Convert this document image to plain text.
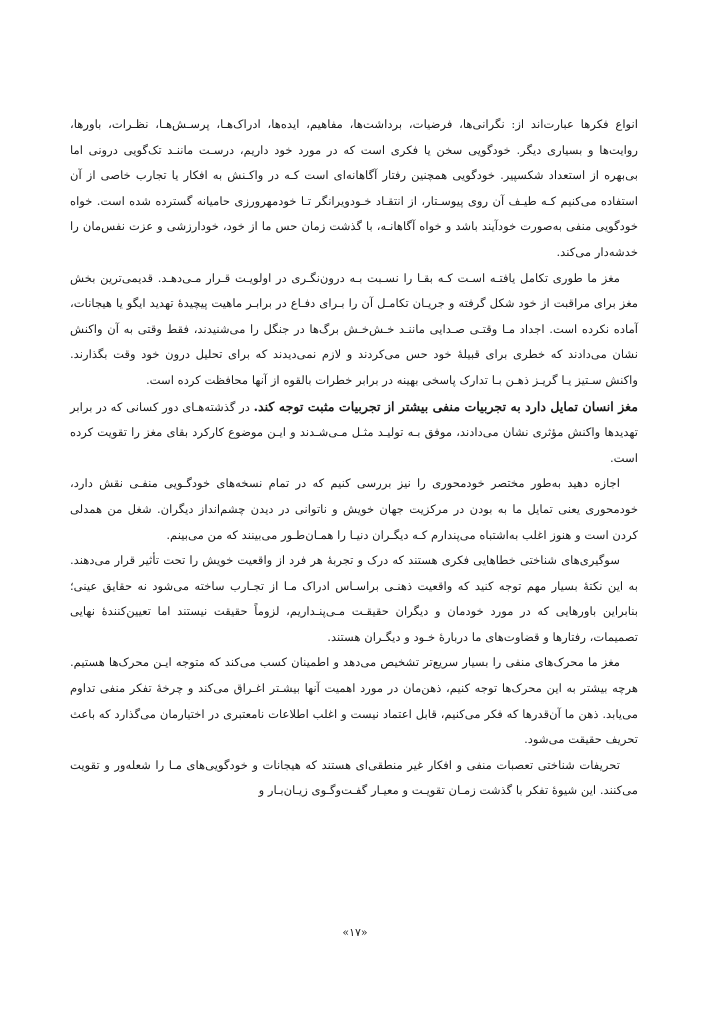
انواع فکرها عبارت‌اند از: نگرانی‌ها، فرضیات، برداشت‌ها، مفاهیم، ایده‌ها، ادراک‌هـا، پرسـش‌هـا، نظـرات، باورها، روایت‌ها و بسیاری دیگر. خودگویی سخن یا فکری است که در مورد خود داریم، درسـت ماننـد تک‌گویی درونی اما بی‌بهره از استعداد شکسپیر. خودگویی همچنین رفتار آگاهانه‌ای است کـه در واکـنش به افکار یا تجارب خاصی از آن استفاده می‌کنیم کـه طیـف آن روی پیوسـتار، از انتقـاد خـودویرانگر تـا خودمهرورزی حامیانه گسترده شده است. خواه خودگویی منفی به‌صورت خودآیند باشد و خواه آگاهانـه، با گذشت زمان حس ما از خود، خودارزشی و عزت نفس‌مان را خدشه‌دار می‌کند.

مغز ما طوری تکامل یافتـه اسـت کـه بقـا را نسـبت بـه درون‌نگـری در اولویـت قـرار مـی‌دهـد. قدیمی‌ترین بخش مغز برای مراقبت از خود شکل گرفته و جریـان تکامـل آن را بـرای دفـاع در برابـر ماهیت پیچیدهٔ تهدید ایگو یا هیجانات، آماده نکرده است. اجداد مـا وقتـی صـدایی ماننـد خـش‌خـش برگ‌ها در جنگل را می‌شنیدند، فقط وقتی به آن واکنش نشان می‌دادند که خطری برای قبیلهٔ خود حس می‌کردند و لازم نمی‌دیدند که برای تحلیل درون خود وقت بگذارند. واکنش سـتیز یـا گریـز ذهـن بـا تدارک پاسخی بهینه در برابر خطرات بالقوه از آنها محافظت کرده است.

مغز انسان تمایل دارد به تجربیات منفی بیشتر از تجربیات مثبت توجه کند. در گذشته‌هـای دور کسانی که در برابر تهدیدها واکنش مؤثری نشان می‌دادند، موفق بـه تولیـد مثـل مـی‌شـدند و ایـن موضوع کارکرد بقای مغز را تقویت کرده است.

اجازه دهید به‌طور مختصر خودمحوری را نیز بررسی کنیم که در تمام نسخه‌های خودگـویی منفـی نقش دارد، خودمحوری یعنی تمایل ما به بودن در مرکزیت جهان خویش و ناتوانی در دیدن چشم‌انداز دیگران. شغل من همدلی کردن است و هنوز اغلب به‌اشتباه می‌پندارم کـه دیگـران دنیـا را همـان‌طـور می‌بینند که من می‌بینم.

سوگیری‌های شناختی خطاهایی فکری هستند که درک و تجربهٔ هر فرد از واقعیت خویش را تحت تأثیر قرار می‌دهند. به این نکتهٔ بسیار مهم توجه کنید که واقعیت ذهنـی براسـاس ادراک مـا از تجـارب ساخته می‌شود نه حقایق عینی؛ بنابراین باورهایی که در مورد خودمان و دیگران حقیقـت مـی‌پنـداریم، لزوماً حقیقت نیستند اما تعیین‌کنندهٔ نهایی تصمیمات، رفتارها و قضاوت‌های ما دربارهٔ خـود و دیگـران هستند.

مغز ما محرک‌های منفی را بسیار سریع‌تر تشخیص می‌دهد و اطمینان کسب می‌کند که متوجه ایـن محرک‌ها هستیم. هرچه بیشتر به این محرک‌ها توجه کنیم، ذهن‌مان در مورد اهمیت آنها بیشـتر اغـراق می‌کند و چرخهٔ تفکر منفی تداوم می‌یابد. ذهن ما آن‌قدرها که فکر می‌کنیم، قابل اعتماد نیست و اغلب اطلاعات نامعتبری در اختیارمان می‌گذارد که باعث تحریف حقیقت می‌شود.

تحریفات شناختی تعصبات منفی و افکار غیر منطقی‌ای هستند که هیجانات و خودگویی‌های مـا را شعله‌ور و تقویت می‌کنند. این شیوهٔ تفکر با گذشت زمـان تقویـت و معیـار گفـت‌وگـوی زیـان‌بـار و

«۱۷»
